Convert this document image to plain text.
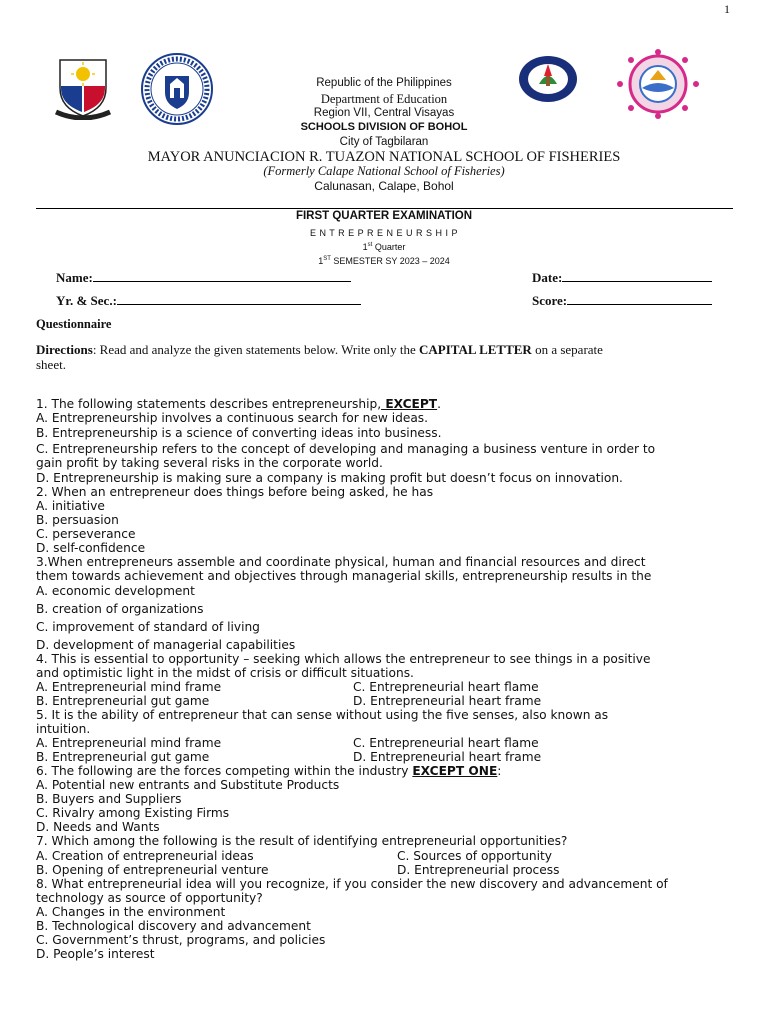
1
Republic of the Philippines
Department of Education
Region VII, Central Visayas
SCHOOLS DIVISION OF BOHOL
City of Tagbilaran
MAYOR ANUNCIACION R. TUAZON NATIONAL SCHOOL OF FISHERIES
(Formerly Calape National School of Fisheries)
Calunasan, Calape, Bohol
FIRST QUARTER EXAMINATION
E N T R E P R E N E U R S H I P
1st Quarter
1ST SEMESTER SY 2023 – 2024
Name:	Date:
Yr. & Sec.:	Score:
Questionnaire
Directions: Read and analyze the given statements below. Write only the CAPITAL LETTER on a separate
sheet.
1. The following statements describes entrepreneurship, EXCEPT.
A. Entrepreneurship involves a continuous search for new ideas.
B. Entrepreneurship is a science of converting ideas into business.
C. Entrepreneurship refers to the concept of developing and managing a business venture in order to
gain profit by taking several risks in the corporate world.
D. Entrepreneurship is making sure a company is making profit but doesn’t focus on innovation.
2. When an entrepreneur does things before being asked, he has
A. initiative
B. persuasion
C. perseverance
D. self-confidence
3.When entrepreneurs assemble and coordinate physical, human and financial resources and direct
them towards achievement and objectives through managerial skills, entrepreneurship results in the
A. economic development
B. creation of organizations
C. improvement of standard of living
D. development of managerial capabilities
4. This is essential to opportunity – seeking which allows the entrepreneur to see things in a positive
and optimistic light in the midst of crisis or difficult situations.
A. Entrepreneurial mind frame	C. Entrepreneurial heart flame
B. Entrepreneurial gut game	D. Entrepreneurial heart frame
5. It is the ability of entrepreneur that can sense without using the five senses, also known as
intuition.
A. Entrepreneurial mind frame	C. Entrepreneurial heart flame
B. Entrepreneurial gut game	D. Entrepreneurial heart frame
6. The following are the forces competing within the industry EXCEPT ONE:
A. Potential new entrants and Substitute Products
B. Buyers and Suppliers
C. Rivalry among Existing Firms
D. Needs and Wants
7. Which among the following is the result of identifying entrepreneurial opportunities?
A. Creation of entrepreneurial ideas	C. Sources of opportunity
B. Opening of entrepreneurial venture	D. Entrepreneurial process
8. What entrepreneurial idea will you recognize, if you consider the new discovery and advancement of
technology as source of opportunity?
A. Changes in the environment
B. Technological discovery and advancement
C. Government’s thrust, programs, and policies
D. People’s interest
